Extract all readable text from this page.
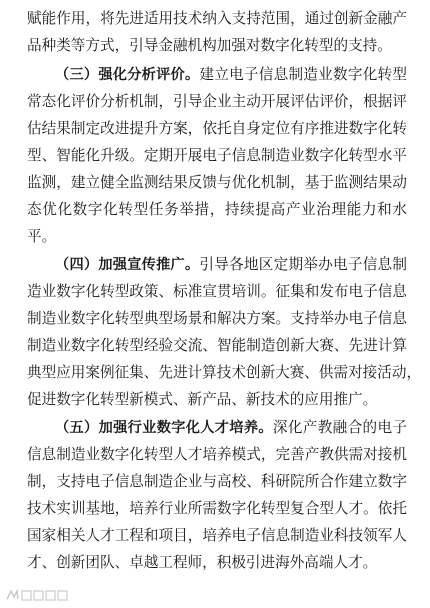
赋能作用，将先进适用技术纳入支持范围，通过创新金融产
品种类等方式，引导金融机构加强对数字化转型的支持。
（三）强化分析评价。建立电子信息制造业数字化转型
常态化评价分析机制，引导企业主动开展评估评价，根据评
估结果制定改进提升方案，依托自身定位有序推进数字化转
型、智能化升级。定期开展电子信息制造业数字化转型水平
监测，建立健全监测结果反馈与优化机制，基于监测结果动
态优化数字化转型任务举措，持续提高产业治理能力和水
平。
（四）加强宣传推广。引导各地区定期举办电子信息制
造业数字化转型政策、标准宣贯培训。征集和发布电子信息
制造业数字化转型典型场景和解决方案。支持举办电子信息
制造业数字化转型经验交流、智能制造创新大赛、先进计算
典型应用案例征集、先进计算技术创新大赛、供需对接活动，
促进数字化转型新模式、新产品、新技术的应用推广。
（五）加强行业数字化人才培养。深化产教融合的电子
信息制造业数字化转型人才培养模式，完善产教供需对接机
制，支持电子信息制造企业与高校、科研院所合作建立数字
技术实训基地，培养行业所需数字化转型复合型人才。依托
国家相关人才工程和项目，培养电子信息制造业科技领军人
才、创新团队、卓越工程师，积极引进海外高端人才。
